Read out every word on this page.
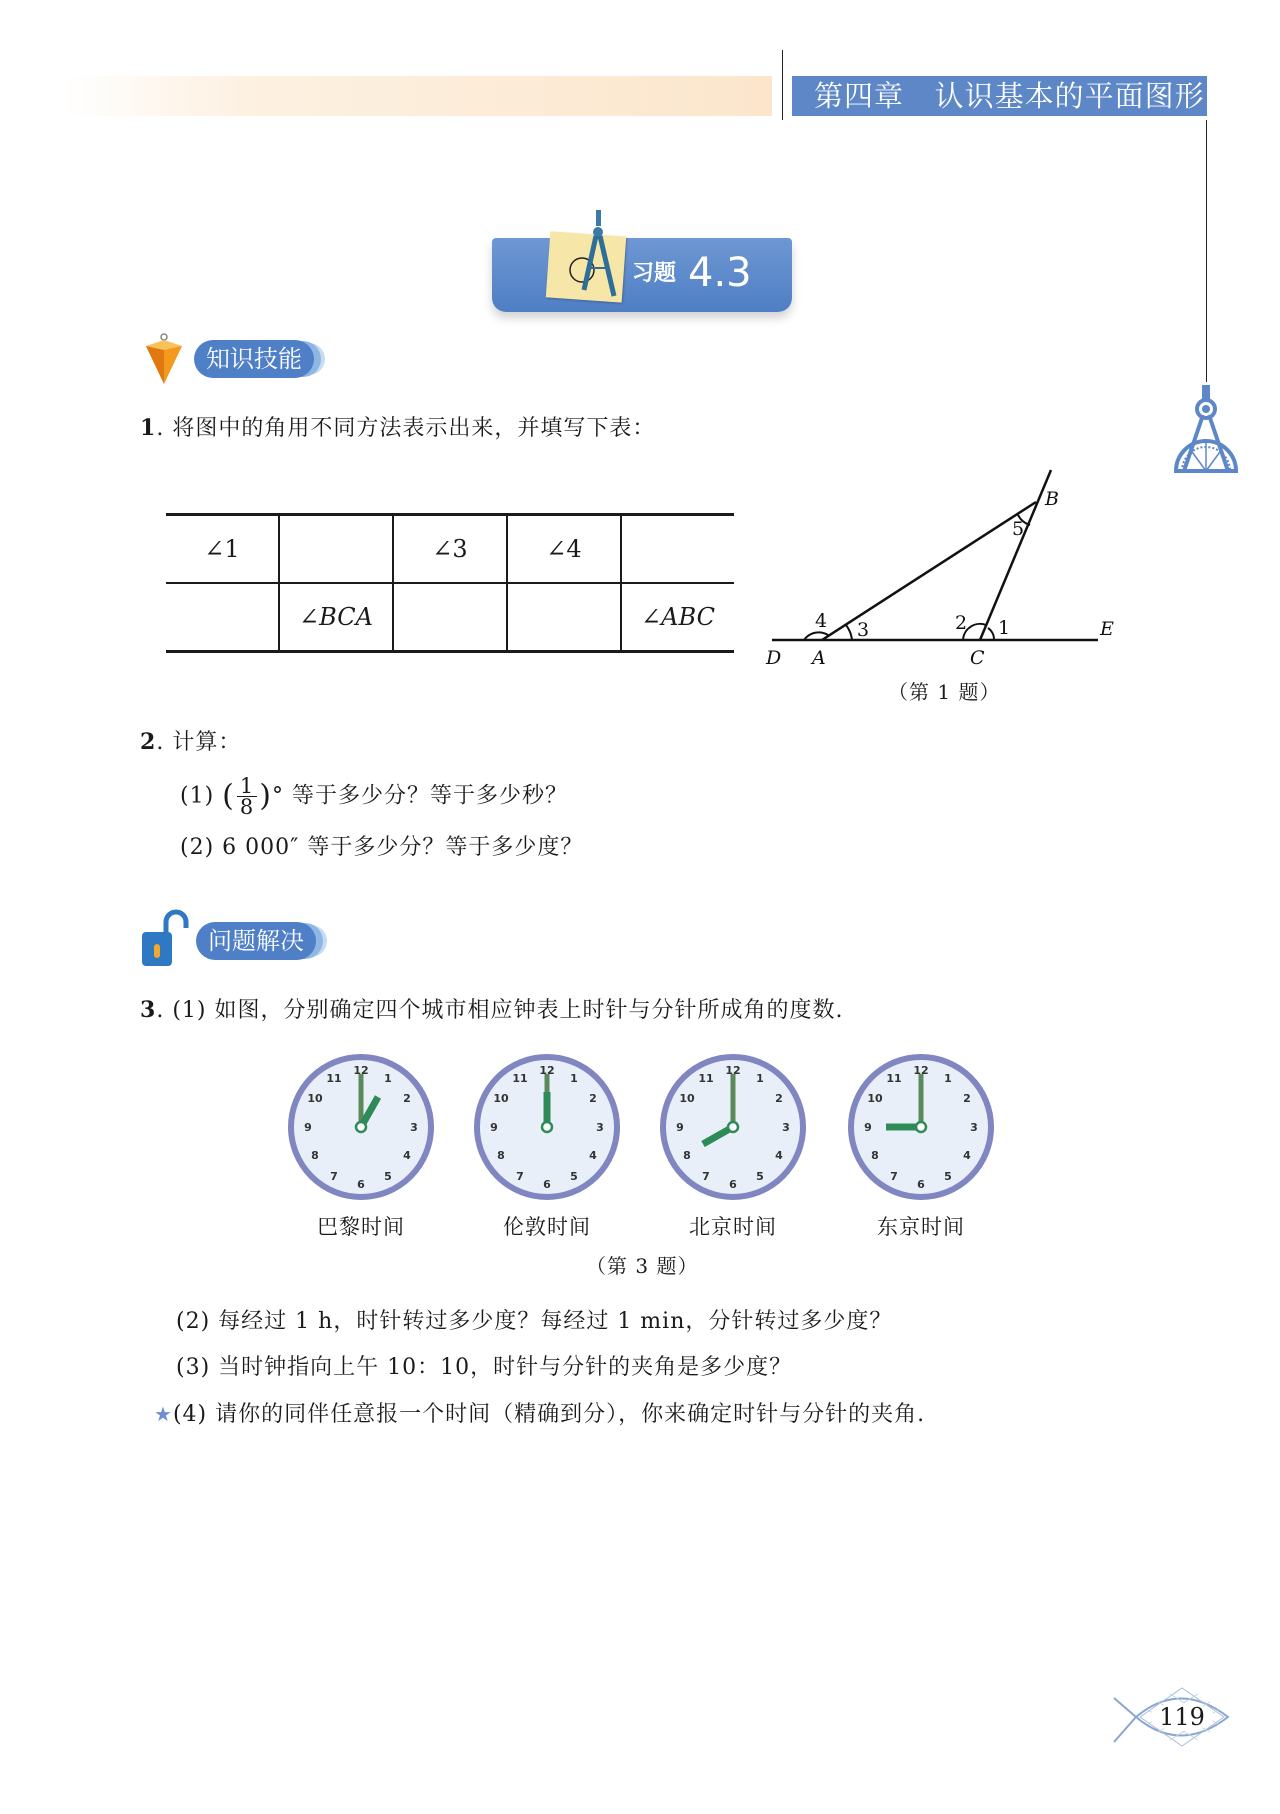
第四章   认识基本的平面图形
习题 4.3
知识技能
1. 将图中的角用不同方法表示出来，并填写下表：
∠1		∠3	∠4	
	∠BCA			∠ABC	4 3	2 1
5
D A	C
B
E
（第 1 题）
2. 计算：
(1) ( $\frac{1}{8}$ )° 等于多少分？等于多少秒？
(2) 6 000″ 等于多少分？等于多少度？
问题解决
3. (1) 如图，分别确定四个城市相应钟表上时针与分针所成角的度数.
12
1
2
3
4
5
6
7
8
9
10
11
巴黎时间
12
1
2
3
4
5
6
7
8
9
10
11
伦敦时间
12
1
2
3
4
5
6
7
8
9
10
11
北京时间
12
1
2
3
4
5
6
7
8
9
10
11
东京时间
（第 3 题）
(2) 每经过 1 h，时针转过多少度？每经过 1 min，分针转过多少度？
(3) 当时钟指向上午 10：10，时针与分针的夹角是多少度？
★(4) 请你的同伴任意报一个时间（精确到分），你来确定时针与分针的夹角.
119
